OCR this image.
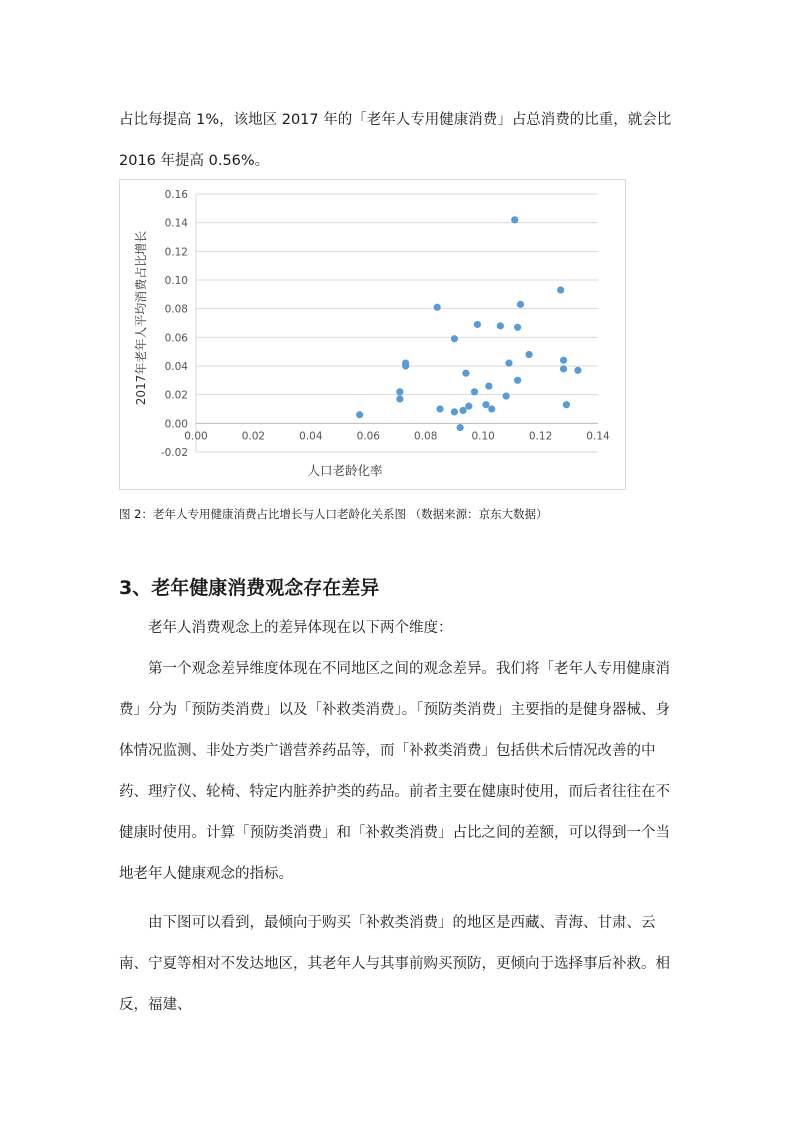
占比每提高 1%，该地区 2017 年的「老年人专用健康消费」占总消费的比重，就会比
2016 年提高 0.56%。
-0.02
0.00
0.02
0.04
0.06
0.08
0.10
0.12
0.14
0.16
0.00	0.02	0.04	0.06	0.08	0.10	0.12	0.14
人口老龄化率
2017年老年人平均消费占比增长
图 2：老年人专用健康消费占比增长与人口老龄化关系图 （数据来源：京东大数据）
3、老年健康消费观念存在差异

老年人消费观念上的差异体现在以下两个维度：

第一个观念差异维度体现在不同地区之间的观念差异。我们将「老年人专用健康消费」分为「预防类消费」以及「补救类消费」。「预防类消费」主要指的是健身器械、身体情况监测、非处方类广谱营养药品等，而「补救类消费」包括供术后情况改善的中药、理疗仪、轮椅、特定内脏养护类的药品。前者主要在健康时使用，而后者往往在不健康时使用。计算「预防类消费」和「补救类消费」占比之间的差额，可以得到一个当地老年人健康观念的指标。

由下图可以看到，最倾向于购买「补救类消费」的地区是西藏、青海、甘肃、云南、宁夏等相对不发达地区，其老年人与其事前购买预防，更倾向于选择事后补救。相反，福建、
